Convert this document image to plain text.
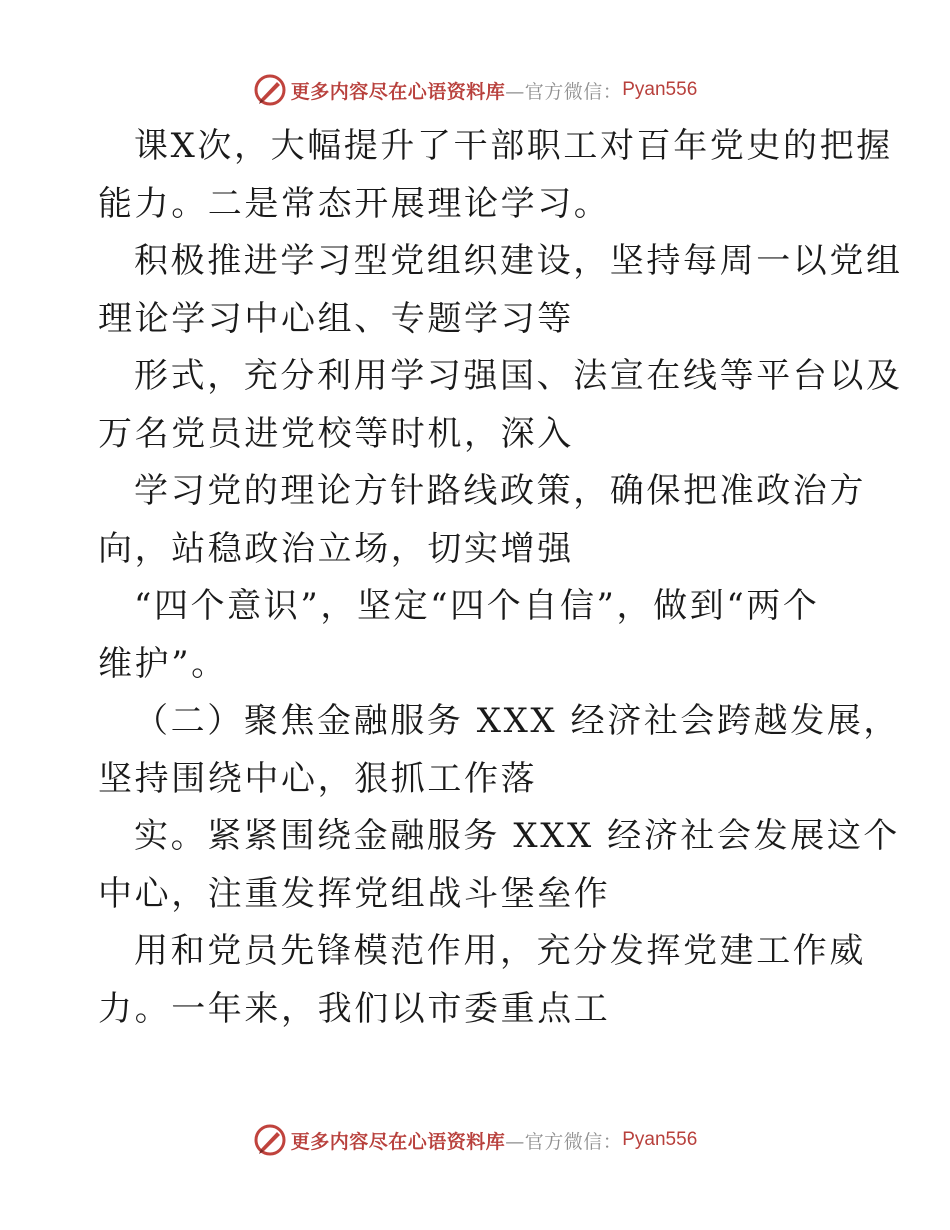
更多内容尽在心语资料库 —官方微信： Pyan556
课X次，大幅提升了干部职工对百年党史的把握
能力。二是常态开展理论学习。
积极推进学习型党组织建设，坚持每周一以党组
理论学习中心组、专题学习等
形式，充分利用学习强国、法宣在线等平台以及
万名党员进党校等时机，深入
学习党的理论方针路线政策，确保把准政治方
向，站稳政治立场，切实增强
“四个意识”，坚定“四个自信”，做到“两个
维护”。
（二）聚焦金融服务 XXX 经济社会跨越发展，
坚持围绕中心，狠抓工作落
实。紧紧围绕金融服务 XXX 经济社会发展这个
中心，注重发挥党组战斗堡垒作
用和党员先锋模范作用，充分发挥党建工作威
力。一年来，我们以市委重点工
更多内容尽在心语资料库 —官方微信： Pyan556
